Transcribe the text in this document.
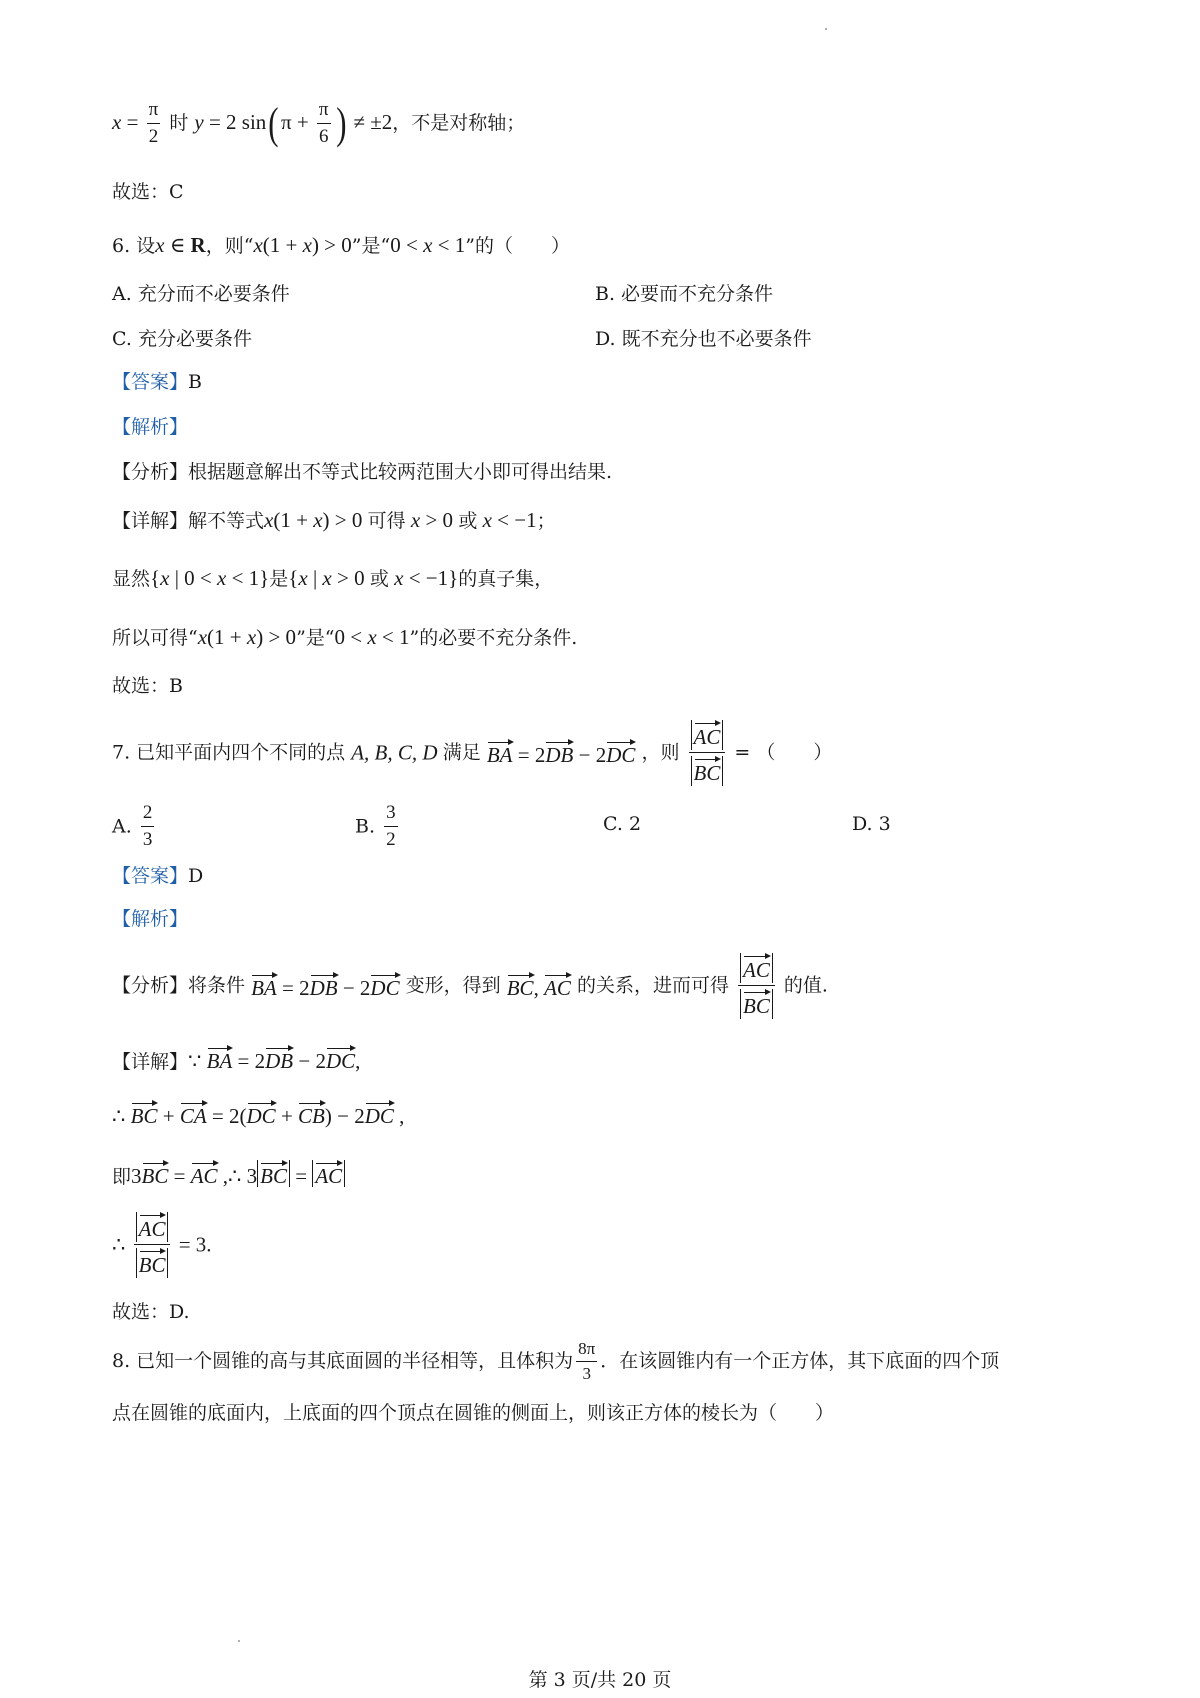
$x = \frac{\pi}{2}$ 时 y = 2 sin( $\pi + \frac{\pi}{6}$ ) ≠ ±2，不是对称轴；
故选：C
6. 设x ∈ R，则“x(1 + x) > 0”是“0 < x < 1”的（　　）
A. 充分而不必要条件	B. 必要而不充分条件
C. 充分必要条件	D. 既不充分也不必要条件
【答案】B
【解析】
【分析】根据题意解出不等式比较两范围大小即可得出结果.
【详解】解不等式x(1 + x) > 0 可得 x > 0 或 x < −1；
显然{x | 0 < x < 1}是{x | x > 0 或 x < −1}的真子集，
所以可得“x(1 + x) > 0”是“0 < x < 1”的必要不充分条件.
故选：B
7. 已知平面内四个不同的点 A, B, C, D 满足 BA = 2DB − 2DC ，则 $\frac{AC}{BC}$ = （　　）
A. $\frac{2}{3}$	B. $\frac{3}{2}$	C. 2	D. 3
【答案】D
【解析】
【分析】将条件 BA = 2DB − 2DC 变形，得到 BC, AC 的关系，进而可得 $\frac{AC}{BC}$ 的值.
【详解】∵ BA = 2DB − 2DC,
∴ BC + CA = 2(DC + CB) − 2DC ,
即3BC = AC ,∴ 3 BC = AC
∴ $\frac{AC}{BC} = 3$.
故选：D.
8. 已知一个圆锥的高与其底面圆的半径相等，且体积为 $\frac{8\pi}{3}$ ．在该圆锥内有一个正方体，其下底面的四个顶
点在圆锥的底面内，上底面的四个顶点在圆锥的侧面上，则该正方体的棱长为（　　）
第 3 页/共 20 页
